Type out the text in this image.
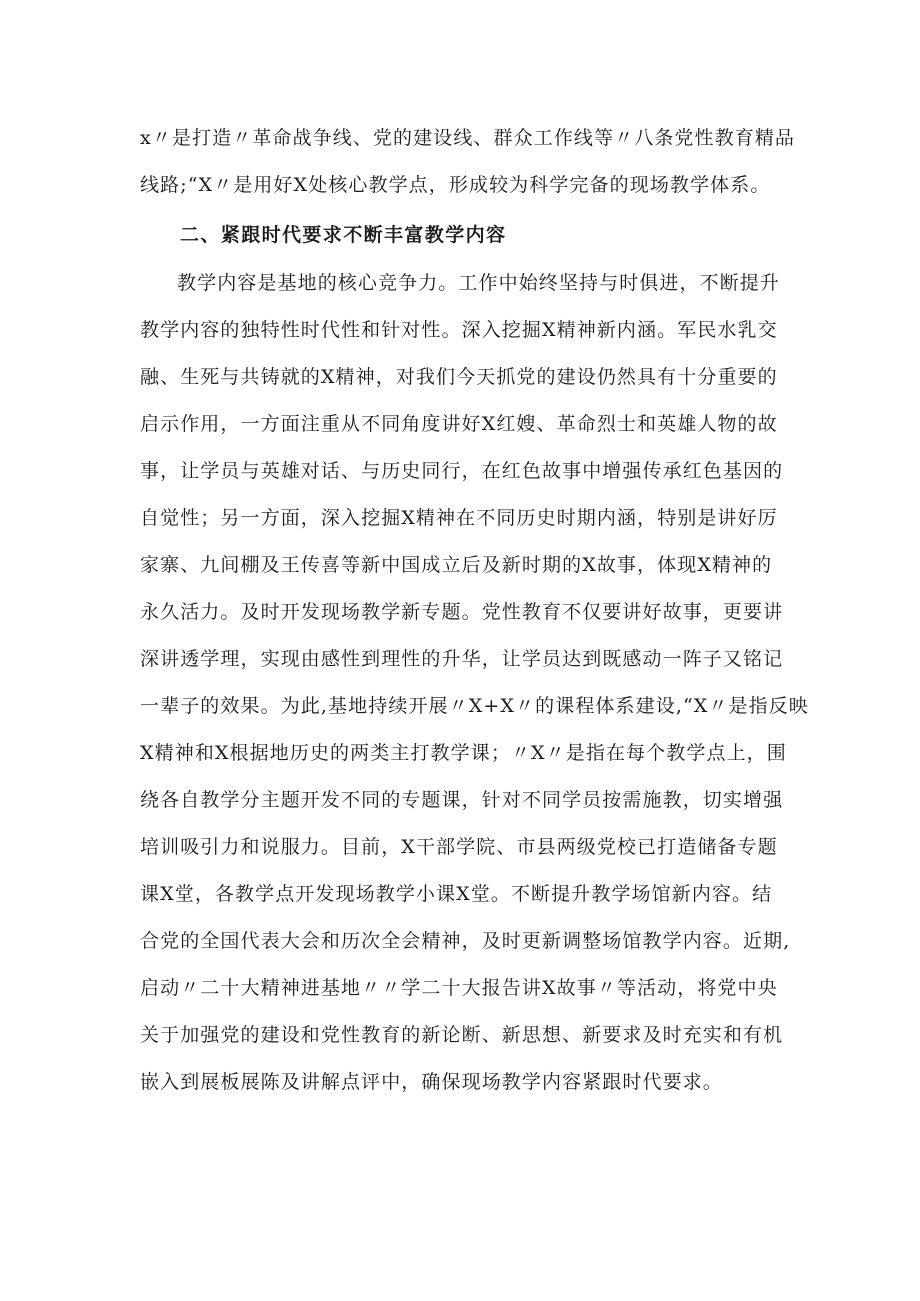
x〃是打造〃革命战争线、党的建设线、群众工作线等〃八条党性教育精品
线路;“X〃是用好X处核心教学点，形成较为科学完备的现场教学体系。
二、紧跟时代要求不断丰富教学内容
教学内容是基地的核心竞争力。工作中始终坚持与时俱进，不断提升
教学内容的独特性时代性和针对性。深入挖掘X精神新内涵。军民水乳交
融、生死与共铸就的X精神，对我们今天抓党的建设仍然具有十分重要的
启示作用，一方面注重从不同角度讲好X红嫂、革命烈士和英雄人物的故
事，让学员与英雄对话、与历史同行，在红色故事中增强传承红色基因的
自觉性；另一方面，深入挖掘X精神在不同历史时期内涵，特别是讲好厉
家寨、九间棚及王传喜等新中国成立后及新时期的X故事，体现X精神的
永久活力。及时开发现场教学新专题。党性教育不仅要讲好故事，更要讲
深讲透学理，实现由感性到理性的升华，让学员达到既感动一阵子又铭记
一辈子的效果。为此,基地持续开展〃X+X〃的课程体系建设,“X〃是指反映
X精神和X根据地历史的两类主打教学课；〃X〃是指在每个教学点上，围
绕各自教学分主题开发不同的专题课，针对不同学员按需施教，切实增强
培训吸引力和说服力。目前，X干部学院、市县两级党校已打造储备专题
课X堂，各教学点开发现场教学小课X堂。不断提升教学场馆新内容。结
合党的全国代表大会和历次全会精神，及时更新调整场馆教学内容。近期,
启动〃二十大精神进基地〃〃学二十大报告讲X故事〃等活动，将党中央
关于加强党的建设和党性教育的新论断、新思想、新要求及时充实和有机
嵌入到展板展陈及讲解点评中，确保现场教学内容紧跟时代要求。
